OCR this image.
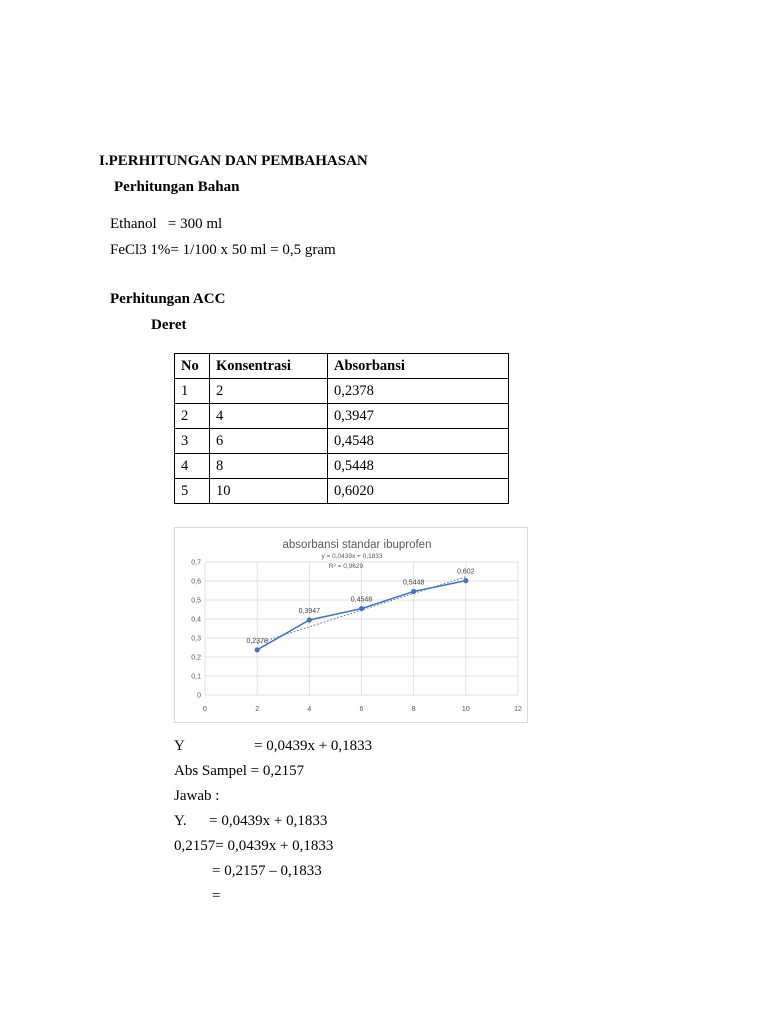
I.PERHITUNGAN DAN PEMBAHASAN
Perhitungan Bahan
Ethanol   = 300 ml
FeCl3 1%= 1/100 x 50 ml = 0,5 gram
Perhitungan ACC
Deret
No	Konsentrasi	Absorbansi
1	2	0,2378
2	4	0,3947
3	6	0,4548
4	8	0,5448
5	10	0,6020
0
0,1
0,2
0,3
0,4
0,5
0,6
0,7
0	2	4	6	8	10	12
absorbansi standar ibuprofen
y = 0,0439x + 0,1833
R² = 0,9629
0,2378
0,3947
0,4548
0,5448
0,602
Y	= 0,0439x + 0,1833
Abs Sampel = 0,2157
Jawab :
Y.      = 0,0439x + 0,1833
0,2157= 0,0439x + 0,1833
= 0,2157 – 0,1833
=
